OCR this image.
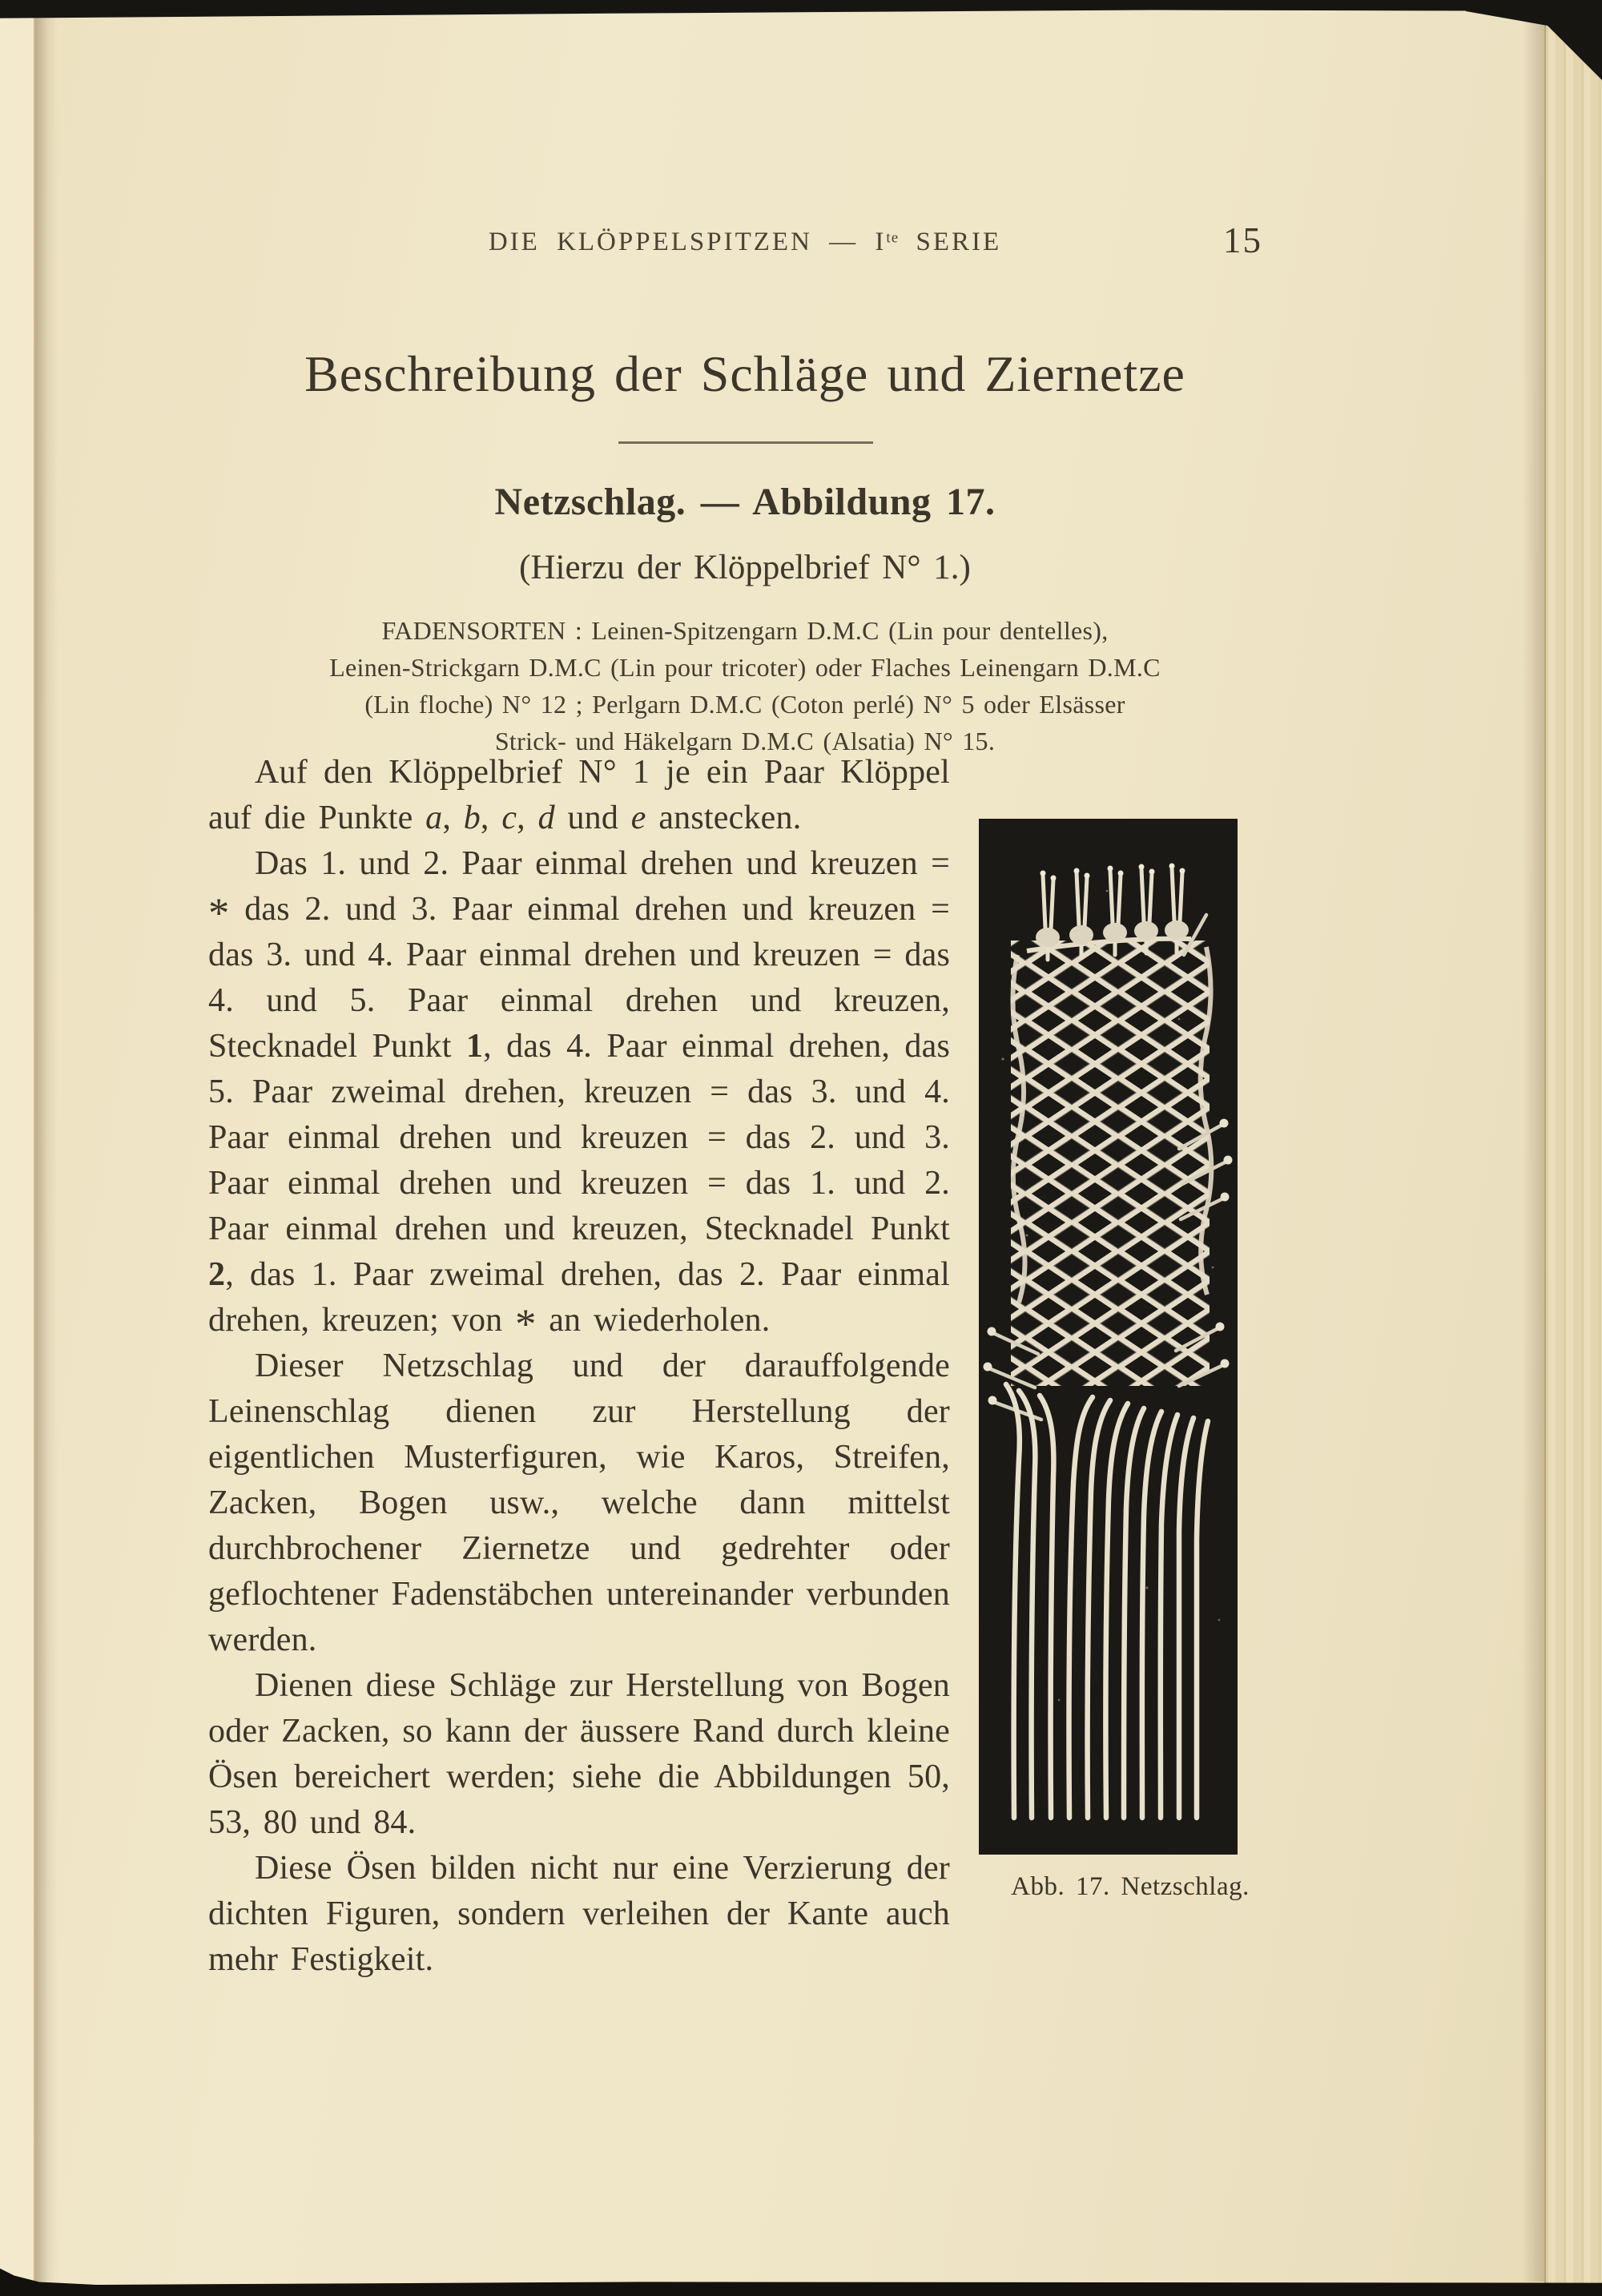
DIE KLÖPPELSPITZEN — $I^{te}$ SERIE	15
Beschreibung der Schläge und Ziernetze
Netzschlag. — Abbildung 17.

(Hierzu der Klöppelbrief N° 1.)

FADENSORTEN : Leinen-Spitzengarn D.M.C (Lin pour dentelles),
Leinen-Strickgarn D.M.C (Lin pour tricoter) oder Flaches Leinengarn D.M.C
(Lin floche) N° 12 ; Perlgarn D.M.C (Coton perlé) N° 5 oder Elsässer
Strick- und Häkelgarn D.M.C (Alsatia) N° 15.
Abb. 17. Netzschlag.

Auf den Klöppelbrief N° 1 je ein Paar Klöppel auf die Punkte a, b, c, d und e anstecken.

Das 1. und 2. Paar einmal drehen und kreuzen = * das 2. und 3. Paar einmal drehen und kreuzen = das 3. und 4. Paar einmal drehen und kreuzen = das 4. und 5. Paar einmal drehen und kreuzen, Stecknadel Punkt 1, das 4. Paar einmal drehen, das 5. Paar zweimal drehen, kreuzen = das 3. und 4. Paar einmal drehen und kreuzen = das 2. und 3. Paar einmal drehen und kreuzen = das 1. und 2. Paar einmal drehen und kreuzen, Stecknadel Punkt 2, das 1. Paar zweimal drehen, das 2. Paar einmal drehen, kreuzen; von * an wiederholen.

Dieser Netzschlag und der darauffolgende Leinenschlag dienen zur Herstellung der eigentlichen Musterfiguren, wie Karos, Streifen, Zacken, Bogen usw., welche dann mittelst durchbrochener Ziernetze und gedrehter oder geflochtener Fadenstäbchen untereinander verbunden werden.

Dienen diese Schläge zur Herstellung von Bogen oder Zacken, so kann der äussere Rand durch kleine Ösen bereichert werden; siehe die Abbildungen 50, 53, 80 und 84.

Diese Ösen bilden nicht nur eine Verzierung der dichten Figuren, sondern verleihen der Kante auch mehr Festigkeit.
